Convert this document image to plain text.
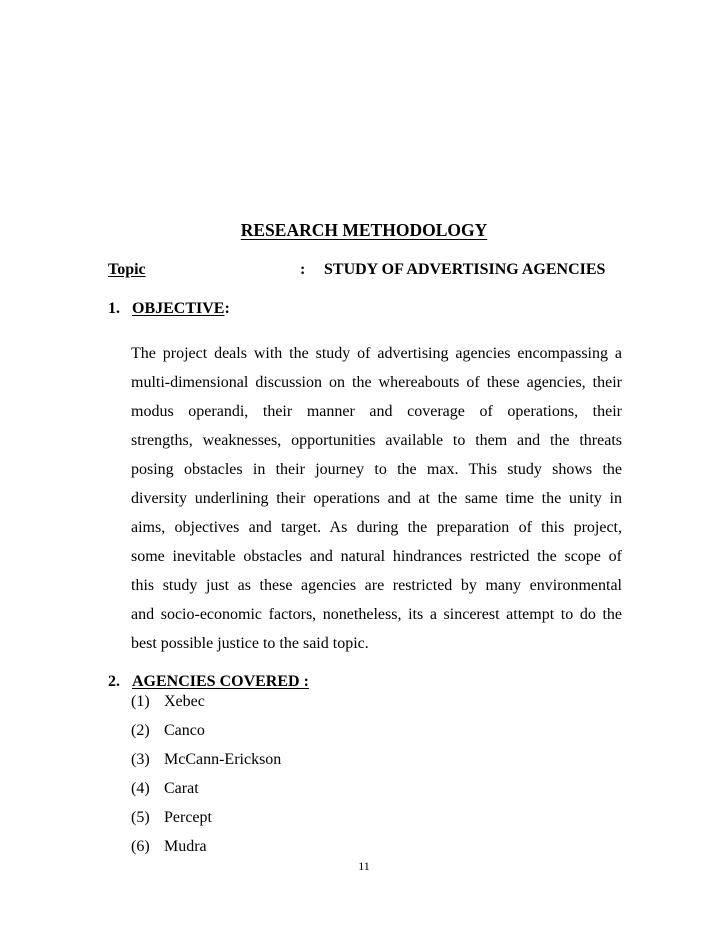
RESEARCH METHODOLOGY
Topic	: STUDY OF ADVERTISING AGENCIES
1. OBJECTIVE:
The project deals with the study of advertising agencies encompassing a
multi-dimensional discussion on the whereabouts of these agencies, their
modus operandi, their manner and coverage of operations, their
strengths, weaknesses, opportunities available to them and the threats
posing obstacles in their journey to the max. This study shows the
diversity underlining their operations and at the same time the unity in
aims, objectives and target. As during the preparation of this project,
some inevitable obstacles and natural hindrances restricted the scope of
this study just as these agencies are restricted by many environmental
and socio-economic factors, nonetheless, its a sincerest attempt to do the
best possible justice to the said topic.
2. AGENCIES COVERED :
(1) Xebec
(2) Canco
(3) McCann-Erickson
(4) Carat
(5) Percept
(6) Mudra
11
